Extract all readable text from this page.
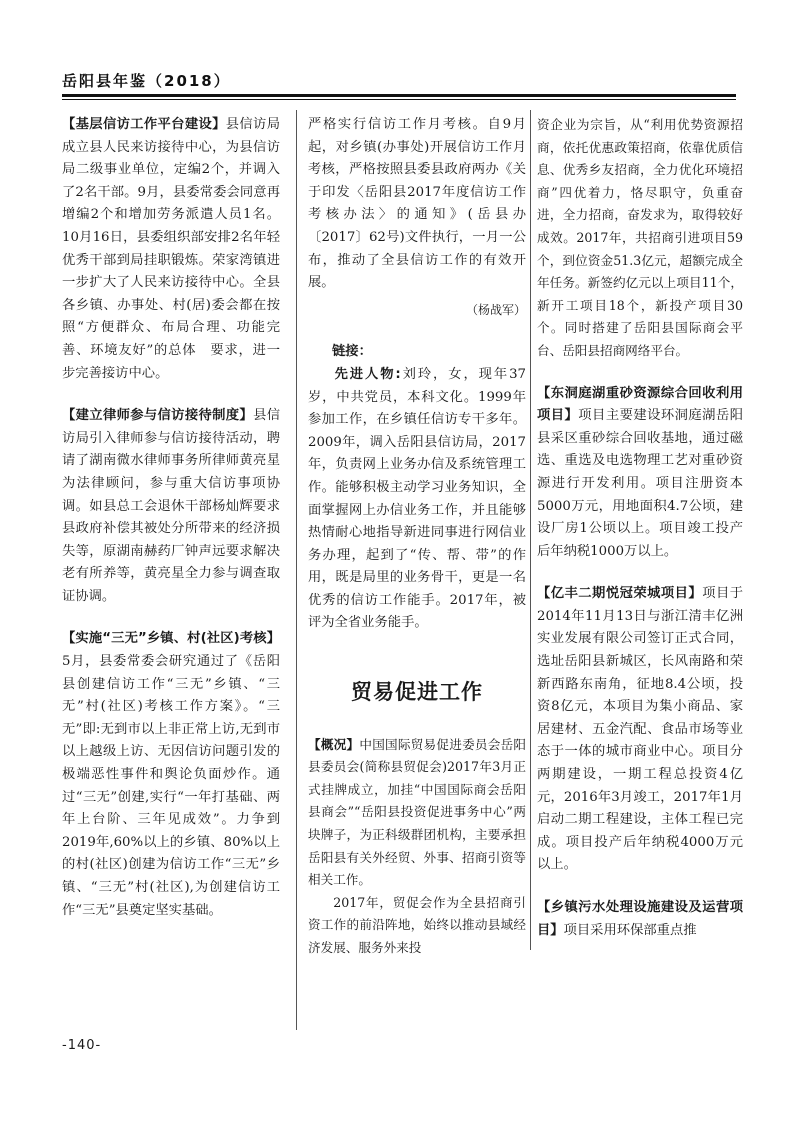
岳阳县年鉴（2018）
【基层信访工作平台建设】县信访局成立县人民来访接待中心，为县信访局二级事业单位，定编2个，并调入了2名干部。9月，县委常委会同意再增编2个和增加劳务派遣人员1名。10月16日，县委组织部安排2名年轻优秀干部到局挂职锻炼。荣家湾镇进一步扩大了人民来访接待中心。全县各乡镇、办事处、村(居)委会都在按照“方便群众、布局合理、功能完善、环境友好”的总体　要求，进一步完善接访中心。
【建立律师参与信访接待制度】县信访局引入律师参与信访接待活动，聘请了湖南微水律师事务所律师黄亮星为法律顾问，参与重大信访事项协调。如县总工会退休干部杨灿辉要求县政府补偿其被处分所带来的经济损失等，原湖南赫药厂钟声远要求解决老有所养等，黄亮星全力参与调查取证协调。
【实施“三无”乡镇、村(社区)考核】5月，县委常委会研究通过了《岳阳县创建信访工作“三无”乡镇、“三无”村(社区)考核工作方案》。“三无”即:无到市以上非正常上访,无到市以上越级上访、无因信访问题引发的极端恶性事件和舆论负面炒作。通过“三无”创建,实行“一年打基础、两年上台阶、三年见成效”。力争到2019年,60%以上的乡镇、80%以上的村(社区)创建为信访工作“三无”乡镇、“三无”村(社区),为创建信访工作“三无”县奠定坚实基础。
严格实行信访工作月考核。自9月起，对乡镇(办事处)开展信访工作月考核，严格按照县委县政府两办《关于印发〈岳阳县2017年度信访工作考核办法〉的通知》(岳县办〔2017〕62号)文件执行，一月一公布，推动了全县信访工作的有效开展。
（杨战军）
链接：
先进人物:刘玲，女，现年37岁，中共党员，本科文化。1999年参加工作，在乡镇任信访专干多年。2009年，调入岳阳县信访局，2017年，负责网上业务办信及系统管理工作。能够积极主动学习业务知识，全面掌握网上办信业务工作，并且能够热情耐心地指导新进同事进行网信业务办理，起到了“传、帮、带”的作用，既是局里的业务骨干，更是一名优秀的信访工作能手。2017年，被评为全省业务能手。
贸易促进工作
【概况】中国国际贸易促进委员会岳阳县委员会(简称县贸促会)2017年3月正式挂牌成立，加挂“中国国际商会岳阳县商会”“岳阳县投资促进事务中心”两块牌子，为正科级群团机构，主要承担岳阳县有关外经贸、外事、招商引资等相关工作。
2017年，贸促会作为全县招商引资工作的前沿阵地，始终以推动县域经济发展、服务外来投
资企业为宗旨，从“利用优势资源招商，依托优惠政策招商，依靠优质信息、优秀乡友招商，全力优化环境招商”四优着力，恪尽职守，负重奋进，全力招商，奋发求为，取得较好成效。2017年，共招商引进项目59个，到位资金51.3亿元，超额完成全年任务。新签约亿元以上项目11个，新开工项目18个，新投产项目30个。同时搭建了岳阳县国际商会平台、岳阳县招商网络平台。
【东洞庭湖重砂资源综合回收利用项目】项目主要建设环洞庭湖岳阳县采区重砂综合回收基地，通过磁选、重选及电选物理工艺对重砂资源进行开发利用。项目注册资本5000万元，用地面积4.7公顷，建设厂房1公顷以上。项目竣工投产后年纳税1000万以上。
【亿丰二期悦冠荣城项目】项目于2014年11月13日与浙江清丰亿洲实业发展有限公司签订正式合同，选址岳阳县新城区，长风南路和荣新西路东南角，征地8.4公顷，投资8亿元，本项目为集小商品、家居建材、五金汽配、食品市场等业态于一体的城市商业中心。项目分两期建设，一期工程总投资4亿元，2016年3月竣工，2017年1月启动二期工程建设，主体工程已完成。项目投产后年纳税4000万元以上。
【乡镇污水处理设施建设及运营项目】项目采用环保部重点推
-140-
